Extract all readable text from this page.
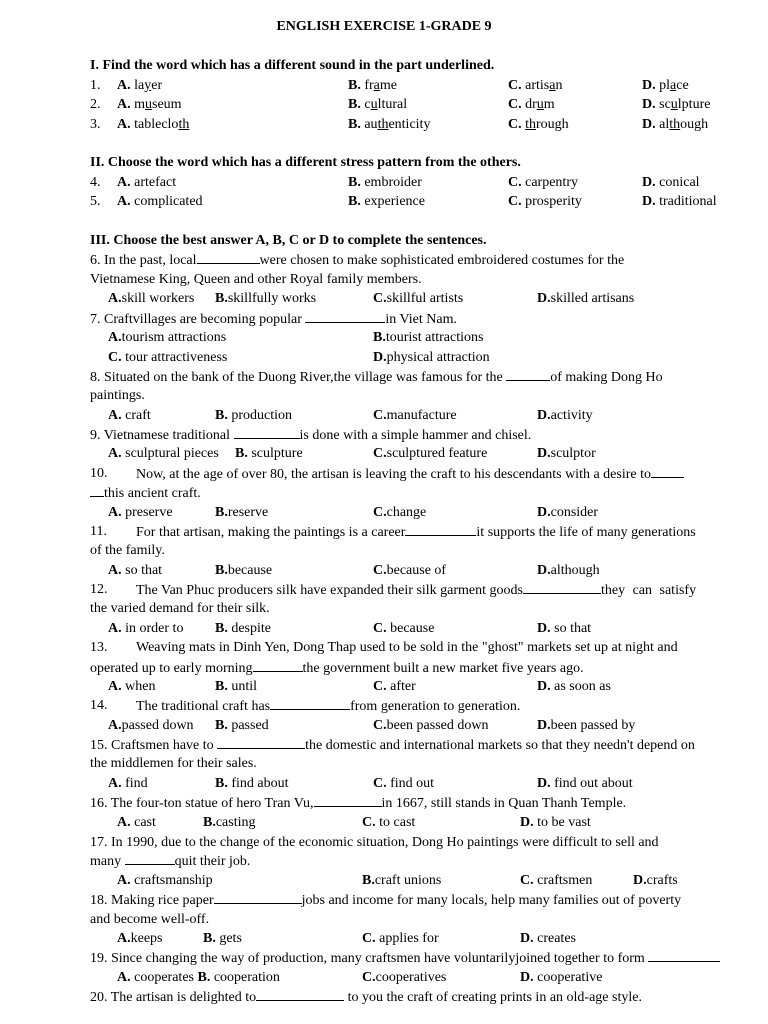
ENGLISH EXERCISE 1-GRADE 9
I. Find the word which has a different sound in the part underlined.
1. A. layer	B. frame	C. artisan	D. place
2. A. museum	B. cultural	C. drum	D. sculpture
3. A. tablecloth	B. authenticity	C. through	D. although
II. Choose the word which has a different stress pattern from the others.
4. A. artefact	B. embroider	C. carpentry	D. conical
5. A. complicated	B. experience	C. prosperity	D. traditional
III. Choose the best answer A, B, C or D to complete the sentences.
6. In the past, local	were chosen to make sophisticated embroidered costumes for the
Vietnamese King, Queen and other Royal family members.
A.skill workers B.skillfully works	C.skillful artists	D.skilled artisans
7. Craftvillages are becoming popular	in Viet Nam.
A.tourism attractions	B.tourist attractions
C. tour attractiveness	D.physical attraction
8. Situated on the bank of the Duong River,the village was famous for the	of making Dong Ho
paintings.
A. craft	B. production	C.manufacture	D.activity
9. Vietnamese traditional	is done with a simple hammer and chisel.
A. sculptural pieces B. sculpture	C.sculptured feature	D.sculptor
10. Now, at the age of over 80, the artisan is leaving the craft to his descendants with a desire to
this ancient craft.
A. preserve	B.reserve	C.change	D.consider
11. For that artisan, making the paintings is a career	it supports the life of many generations
of the family.
A. so that	B.because	C.because of	D.although
12. The Van Phuc producers silk have expanded their silk garment goods	they can satisfy
the varied demand for their silk.
A. in order to B. despite	C. because	D. so that
13. Weaving mats in Dinh Yen, Dong Thap used to be sold in the "ghost" markets set up at night and
operated up to early morning	the government built a new market five years ago.
A. when	B. until	C. after	D. as soon as
14. The traditional craft has	from generation to generation.
A.passed down B. passed	C.been passed down	D.been passed by
15. Craftsmen have to	the domestic and international markets so that they needn't depend on
the middlemen for their sales.
A. find	B. find about	C. find out	D. find out about
16. The four-ton statue of hero Tran Vu,	in 1667, still stands in Quan Thanh Temple.
A. cast	B.casting	C. to cast	D. to be vast
17. In 1990, due to the change of the economic situation, Dong Ho paintings were difficult to sell and
many	quit their job.
A. craftsmanship	B.craft unions	C. craftsmen	D.crafts
18. Making rice paper	jobs and income for many locals, help many families out of poverty
and become well-off.
A.keeps	B. gets	C. applies for	D. creates
19. Since changing the way of production, many craftsmen have voluntarilyjoined together to form
A. cooperates B. cooperation	C.cooperatives	D. cooperative
20. The artisan is delighted to	to you the craft of creating prints in an old-age style.
